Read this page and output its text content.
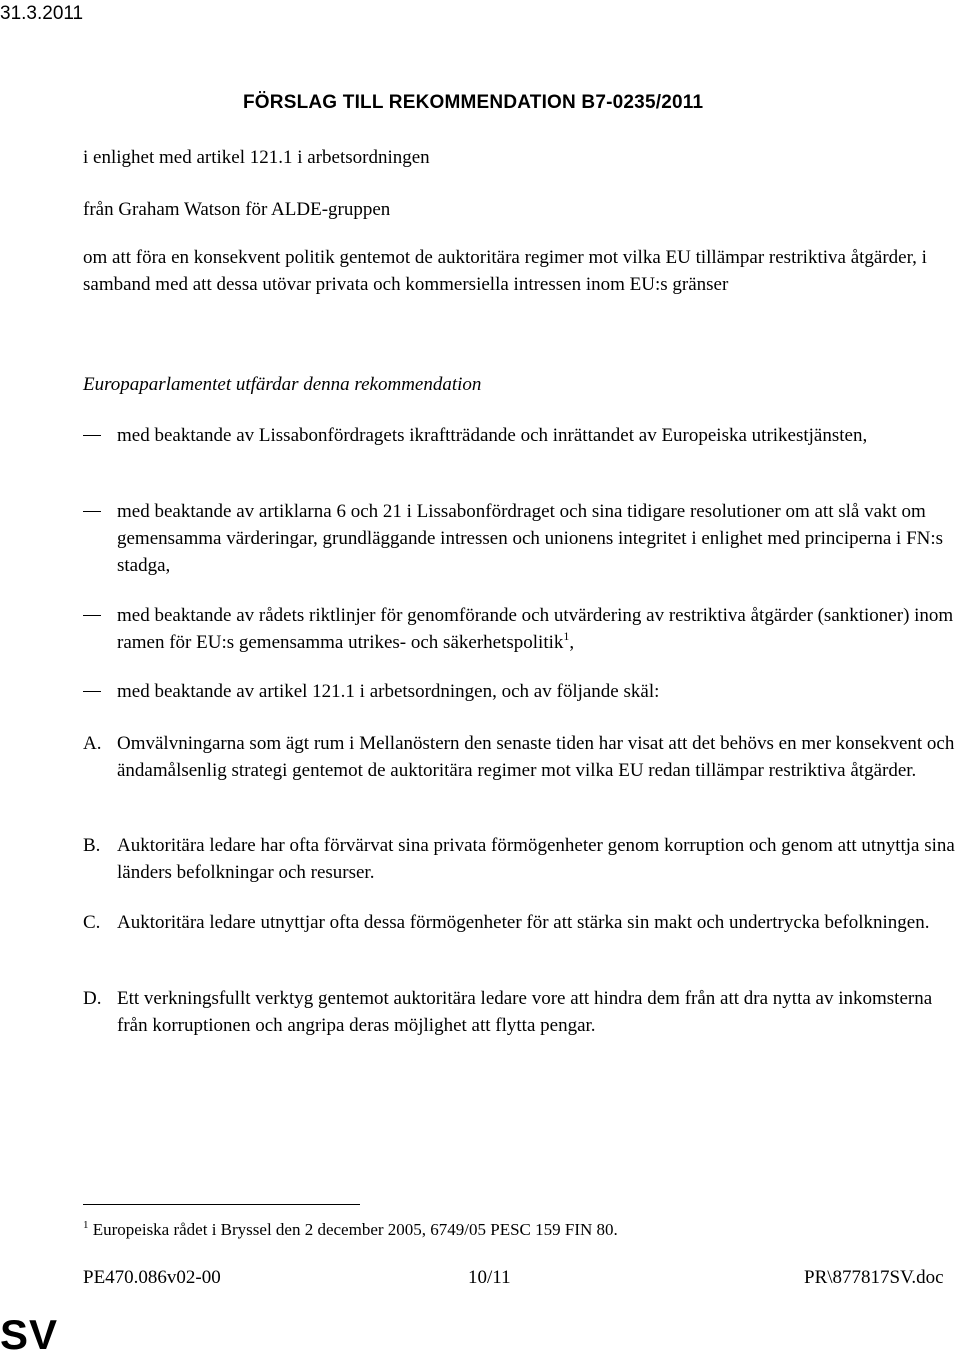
31.3.2011
FÖRSLAG TILL REKOMMENDATION B7-0235/2011
i enlighet med artikel 121.1 i arbetsordningen
från Graham Watson för ALDE-gruppen
om att föra en konsekvent politik gentemot de auktoritära regimer mot vilka EU tillämpar restriktiva åtgärder, i samband med att dessa utövar privata och kommersiella intressen inom EU:s gränser
Europaparlamentet utfärdar denna rekommendation
med beaktande av Lissabonfördragets ikraftträdande och inrättandet av Europeiska utrikestjänsten,
med beaktande av artiklarna 6 och 21 i Lissabonfördraget och sina tidigare resolutioner om att slå vakt om gemensamma värderingar, grundläggande intressen och unionens integritet i enlighet med principerna i FN:s stadga,
med beaktande av rådets riktlinjer för genomförande och utvärdering av restriktiva åtgärder (sanktioner) inom ramen för EU:s gemensamma utrikes- och säkerhetspolitik$^1$,
med beaktande av artikel 121.1 i arbetsordningen, och av följande skäl:
A. Omvälvningarna som ägt rum i Mellanöstern den senaste tiden har visat att det behövs en mer konsekvent och ändamålsenlig strategi gentemot de auktoritära regimer mot vilka EU redan tillämpar restriktiva åtgärder.
B. Auktoritära ledare har ofta förvärvat sina privata förmögenheter genom korruption och genom att utnyttja sina länders befolkningar och resurser.
C. Auktoritära ledare utnyttjar ofta dessa förmögenheter för att stärka sin makt och undertrycka befolkningen.
D. Ett verkningsfullt verktyg gentemot auktoritära ledare vore att hindra dem från att dra nytta av inkomsterna från korruptionen och angripa deras möjlighet att flytta pengar.
$^1$ Europeiska rådet i Bryssel den 2 december 2005, 6749/05 PESC 159 FIN 80.
PE470.086v02-00	10/11	PR\877817SV.doc
SV
